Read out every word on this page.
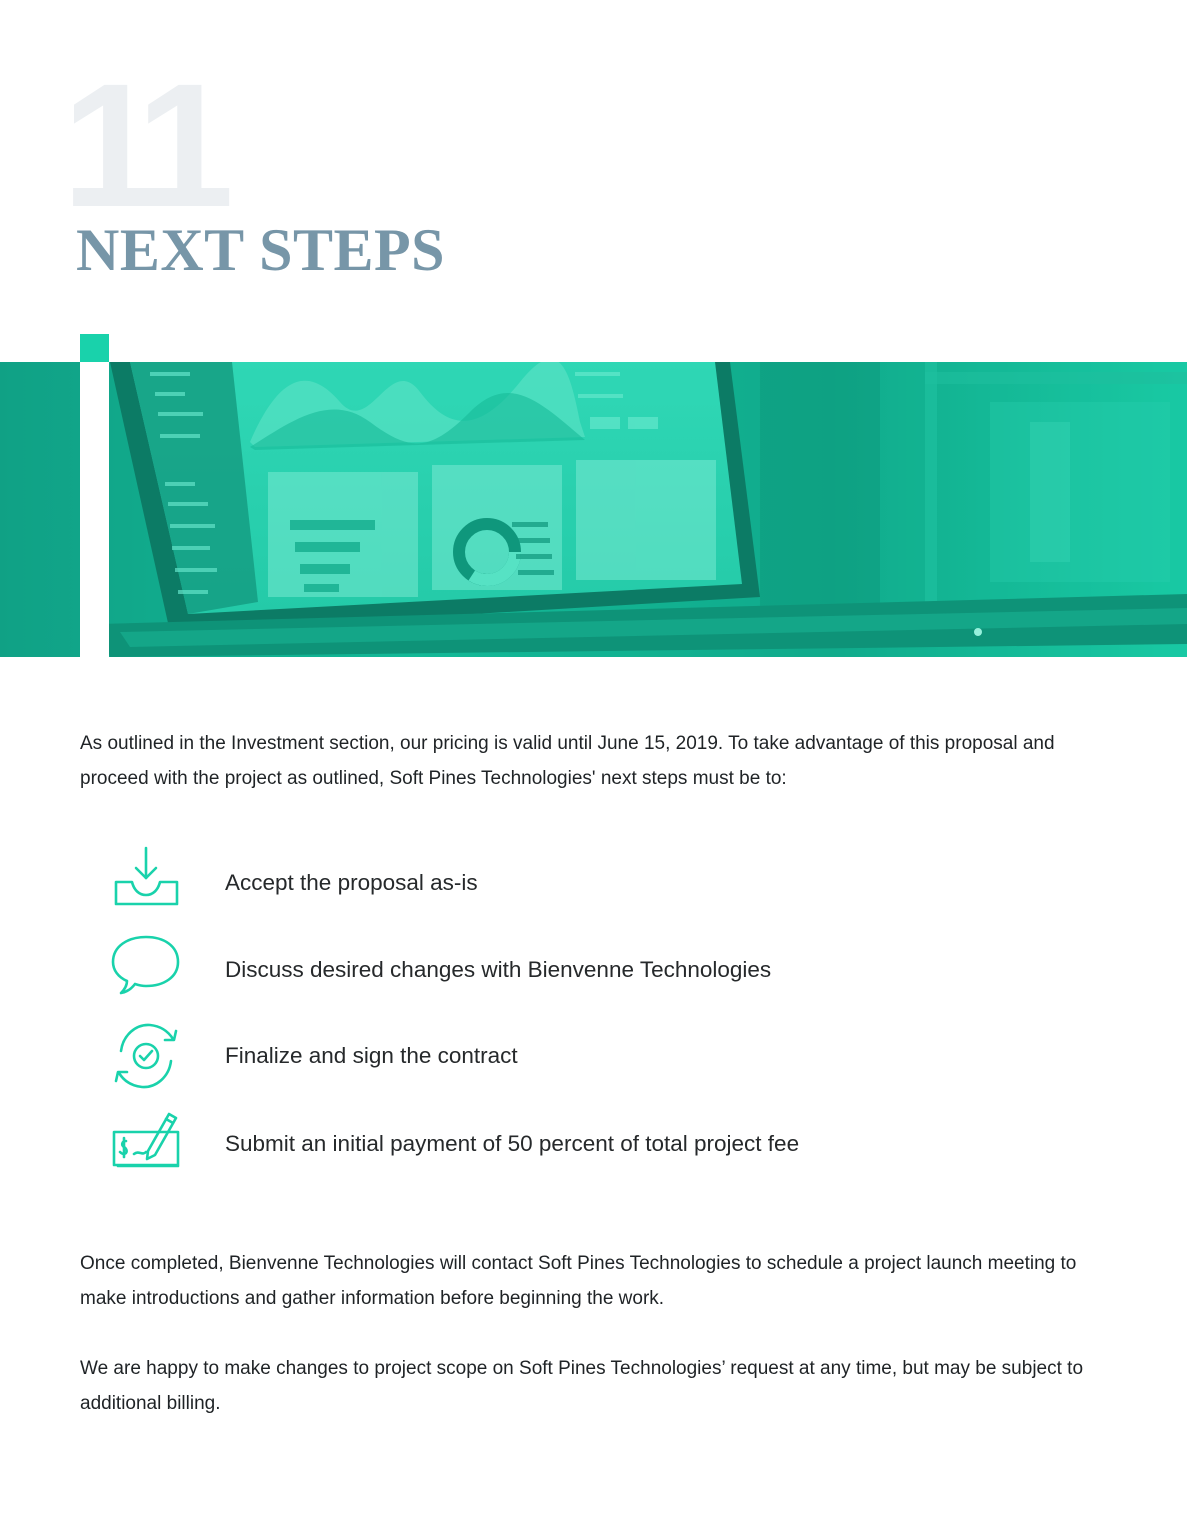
11
NEXT STEPS

As outlined in the Investment section, our pricing is valid until June 15, 2019. To take advantage of this proposal and proceed with the project as outlined, Soft Pines Technologies' next steps must be to:

Accept the proposal as-is
Discuss desired changes with Bienvenne Technologies
Finalize and sign the contract
Submit an initial payment of 50 percent of total project fee

Once completed, Bienvenne Technologies will contact Soft Pines Technologies to schedule a project launch meeting to make introductions and gather information before beginning the work.

We are happy to make changes to project scope on Soft Pines Technologies’ request at any time, but may be subject to additional billing.
